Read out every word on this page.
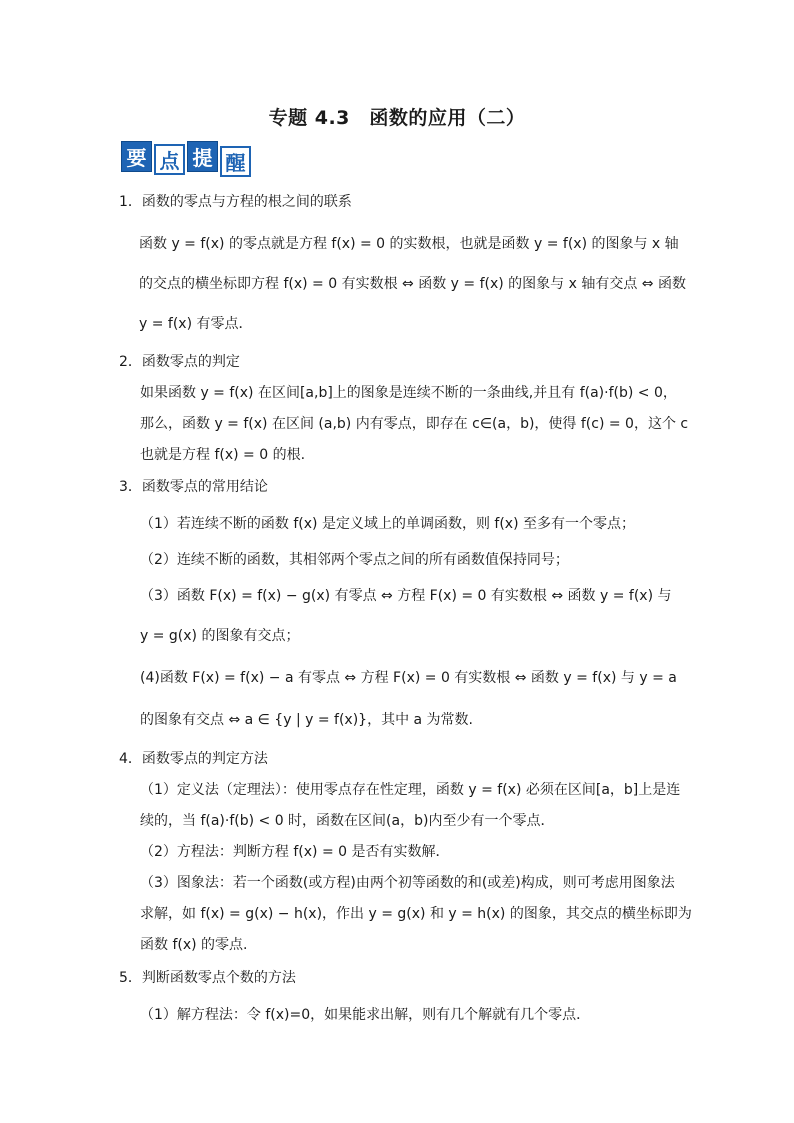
专题 4.3　函数的应用（二）
要 点 提 醒
1．函数的零点与方程的根之间的联系
函数 y = f(x) 的零点就是方程 f(x) = 0 的实数根，也就是函数 y = f(x) 的图象与 x 轴
的交点的横坐标即方程 f(x) = 0 有实数根 ⇔ 函数 y = f(x) 的图象与 x 轴有交点 ⇔ 函数
y = f(x) 有零点．
2．函数零点的判定
如果函数 y = f(x) 在区间[a,b]上的图象是连续不断的一条曲线,并且有 f(a)·f(b) < 0，
那么，函数 y = f(x) 在区间 (a,b) 内有零点，即存在 c∈(a，b)，使得 f(c) = 0，这个 c
也就是方程 f(x) = 0 的根.
3．函数零点的常用结论
（1）若连续不断的函数 f(x) 是定义域上的单调函数，则 f(x) 至多有一个零点；
（2）连续不断的函数，其相邻两个零点之间的所有函数值保持同号；
（3）函数 F(x) = f(x) − g(x) 有零点 ⇔ 方程 F(x) = 0 有实数根 ⇔ 函数 y = f(x) 与
y = g(x) 的图象有交点；
(4)函数 F(x) = f(x) − a 有零点 ⇔ 方程 F(x) = 0 有实数根 ⇔ 函数 y = f(x) 与 y = a
的图象有交点 ⇔ a ∈ {y | y = f(x)}，其中 a 为常数.
4．函数零点的判定方法
（1）定义法（定理法）：使用零点存在性定理，函数 y = f(x) 必须在区间[a，b]上是连
续的，当 f(a)·f(b) < 0 时，函数在区间(a，b)内至少有一个零点．
（2）方程法：判断方程 f(x) = 0 是否有实数解．
（3）图象法：若一个函数(或方程)由两个初等函数的和(或差)构成，则可考虑用图象法
求解，如 f(x) = g(x) − h(x)，作出 y = g(x) 和 y = h(x) 的图象，其交点的横坐标即为
函数 f(x) 的零点.
5．判断函数零点个数的方法
（1）解方程法：令 f(x)=0，如果能求出解，则有几个解就有几个零点．
